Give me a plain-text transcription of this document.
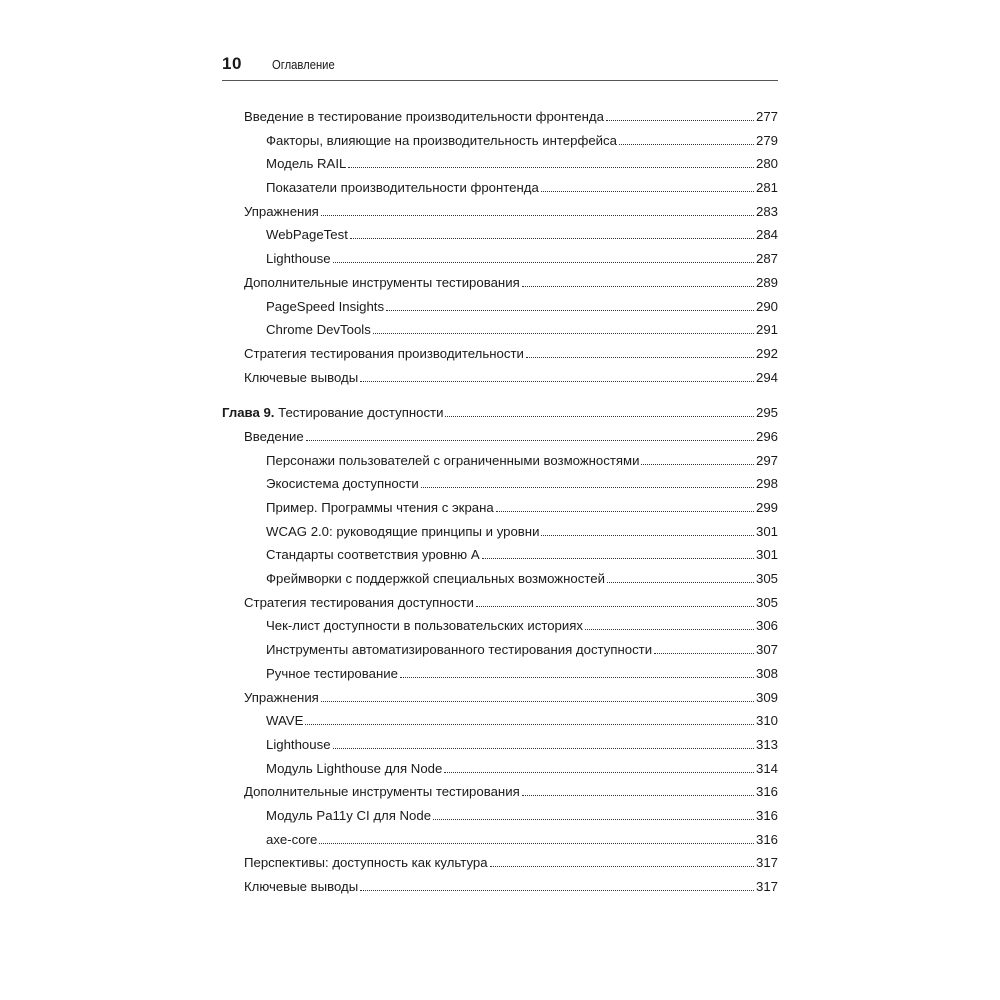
10 Оглавление
Введение в тестирование производительности фронтенда	277
Факторы, влияющие на производительность интерфейса	279
Модель RAIL	280
Показатели производительности фронтенда	281
Упражнения	283
WebPageTest	284
Lighthouse	287
Дополнительные инструменты тестирования	289
PageSpeed Insights	290
Chrome DevTools	291
Стратегия тестирования производительности	292
Ключевые выводы	294
Глава 9. Тестирование доступности	295
Введение	296
Персонажи пользователей с ограниченными возможностями	297
Экосистема доступности	298
Пример. Программы чтения с экрана	299
WCAG 2.0: руководящие принципы и уровни	301
Стандарты соответствия уровню А	301
Фреймворки с поддержкой специальных возможностей	305
Стратегия тестирования доступности	305
Чек-лист доступности в пользовательских историях	306
Инструменты автоматизированного тестирования доступности	307
Ручное тестирование	308
Упражнения	309
WAVE	310
Lighthouse	313
Модуль Lighthouse для Node	314
Дополнительные инструменты тестирования	316
Модуль Pa11y CI для Node	316
axe-core	316
Перспективы: доступность как культура	317
Ключевые выводы	317
